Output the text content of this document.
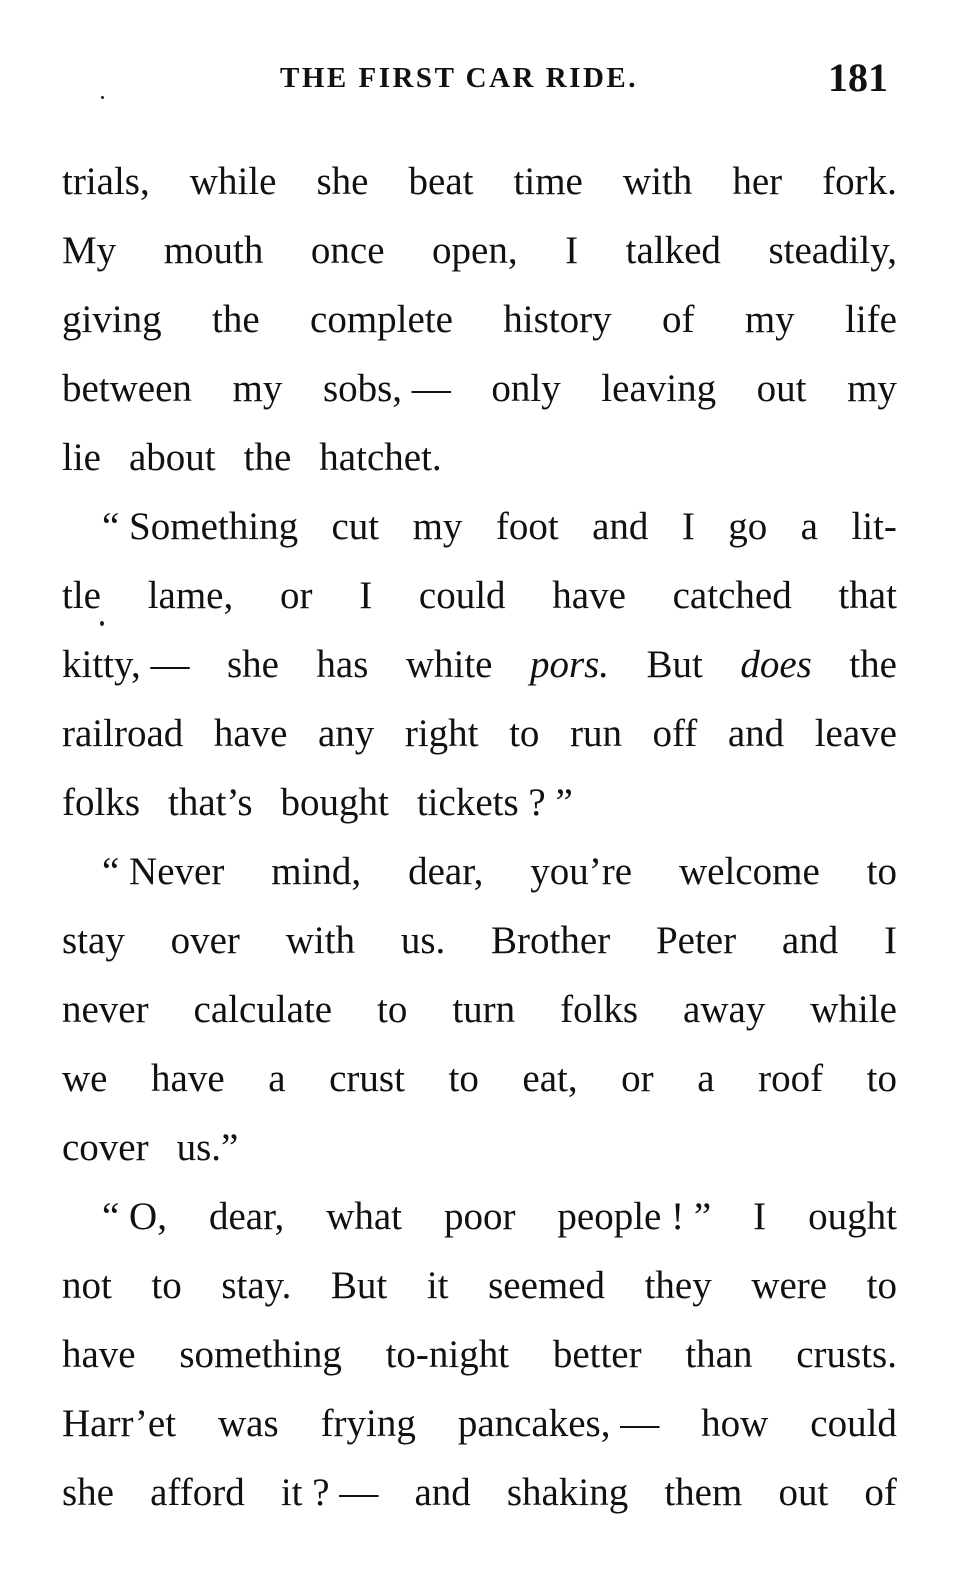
THE FIRST CAR RIDE.	181
trials, while she beat time with her fork.
My mouth once open, I talked steadily,
giving the complete history of my life
between my sobs, — only leaving out my
lie about the hatchet.
“ Something cut my foot and I go a lit-
tle lame, or I could have catched that
kitty, — she has white pors. But does the
railroad have any right to run off and leave
folks that’s bought tickets ? ”
“ Never mind, dear, you’re welcome to
stay over with us. Brother Peter and I
never calculate to turn folks away while
we have a crust to eat, or a roof to
cover us.”
“ O, dear, what poor people ! ” I ought
not to stay. But it seemed they were to
have something to-night better than crusts.
Harr’et was frying pancakes, — how could
she afford it ? — and shaking them out of
